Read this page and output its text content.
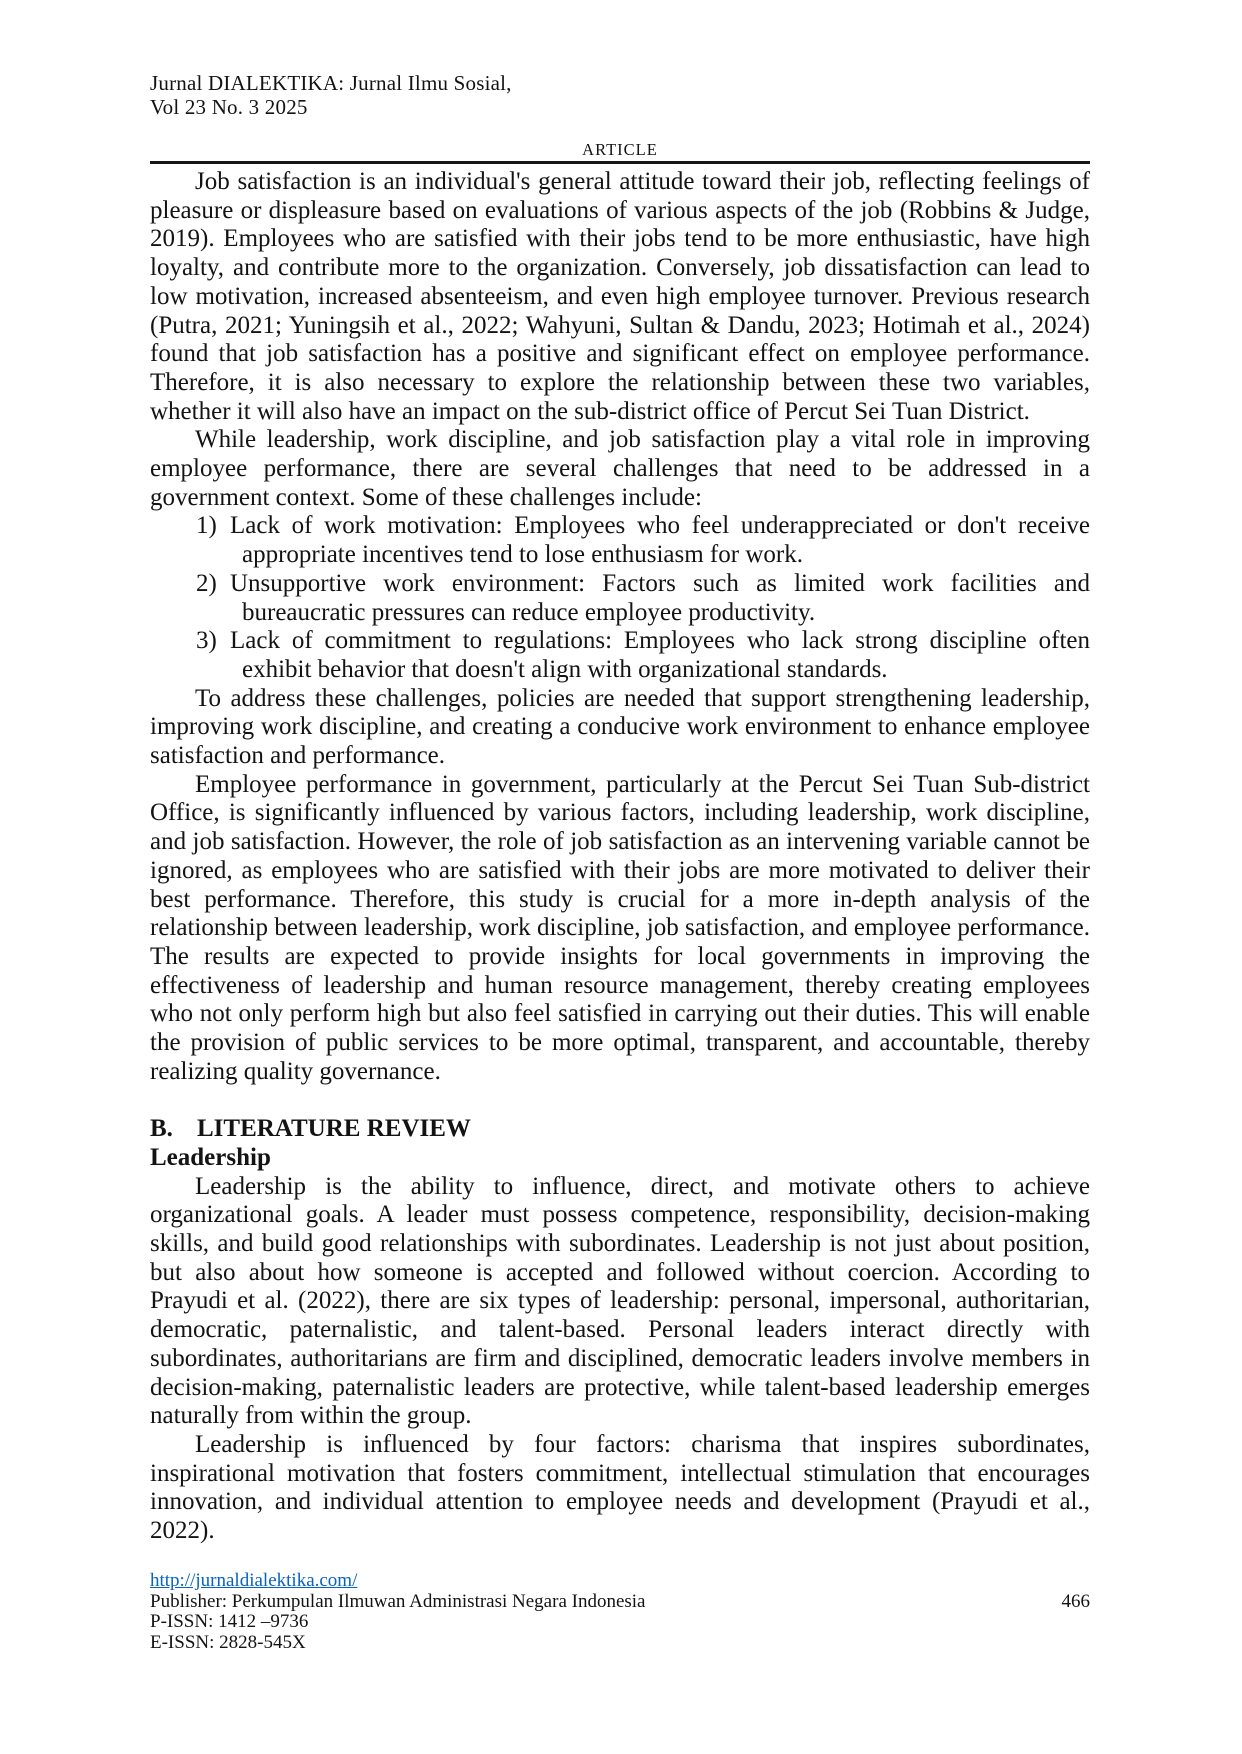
Jurnal DIALEKTIKA: Jurnal Ilmu Sosial,
Vol 23 No. 3 2025
ARTICLE

Job satisfaction is an individual's general attitude toward their job, reflecting feelings of pleasure or displeasure based on evaluations of various aspects of the job (Robbins & Judge, 2019). Employees who are satisfied with their jobs tend to be more enthusiastic, have high loyalty, and contribute more to the organization. Conversely, job dissatisfaction can lead to low motivation, increased absenteeism, and even high employee turnover. Previous research (Putra, 2021; Yuningsih et al., 2022; Wahyuni, Sultan & Dandu, 2023; Hotimah et al., 2024) found that job satisfaction has a positive and significant effect on employee performance. Therefore, it is also necessary to explore the relationship between these two variables, whether it will also have an impact on the sub-district office of Percut Sei Tuan District.

While leadership, work discipline, and job satisfaction play a vital role in improving employee performance, there are several challenges that need to be addressed in a government context. Some of these challenges include:

1) Lack of work motivation: Employees who feel underappreciated or don't receive appropriate incentives tend to lose enthusiasm for work.

2) Unsupportive work environment: Factors such as limited work facilities and bureaucratic pressures can reduce employee productivity.

3) Lack of commitment to regulations: Employees who lack strong discipline often exhibit behavior that doesn't align with organizational standards.

To address these challenges, policies are needed that support strengthening leadership, improving work discipline, and creating a conducive work environment to enhance employee satisfaction and performance.

Employee performance in government, particularly at the Percut Sei Tuan Sub-district Office, is significantly influenced by various factors, including leadership, work discipline, and job satisfaction. However, the role of job satisfaction as an intervening variable cannot be ignored, as employees who are satisfied with their jobs are more motivated to deliver their best performance. Therefore, this study is crucial for a more in-depth analysis of the relationship between leadership, work discipline, job satisfaction, and employee performance. The results are expected to provide insights for local governments in improving the effectiveness of leadership and human resource management, thereby creating employees who not only perform high but also feel satisfied in carrying out their duties. This will enable the provision of public services to be more optimal, transparent, and accountable, thereby realizing quality governance.

B. LITERATURE REVIEW
Leadership

Leadership is the ability to influence, direct, and motivate others to achieve organizational goals. A leader must possess competence, responsibility, decision-making skills, and build good relationships with subordinates. Leadership is not just about position, but also about how someone is accepted and followed without coercion. According to Prayudi et al. (2022), there are six types of leadership: personal, impersonal, authoritarian, democratic, paternalistic, and talent-based. Personal leaders interact directly with subordinates, authoritarians are firm and disciplined, democratic leaders involve members in decision-making, paternalistic leaders are protective, while talent-based leadership emerges naturally from within the group.

Leadership is influenced by four factors: charisma that inspires subordinates, inspirational motivation that fosters commitment, intellectual stimulation that encourages innovation, and individual attention to employee needs and development (Prayudi et al., 2022).

http://jurnaldialektika.com/
Publisher: Perkumpulan Ilmuwan Administrasi Negara Indonesia	466
P-ISSN: 1412 –9736
E-ISSN: 2828-545X
